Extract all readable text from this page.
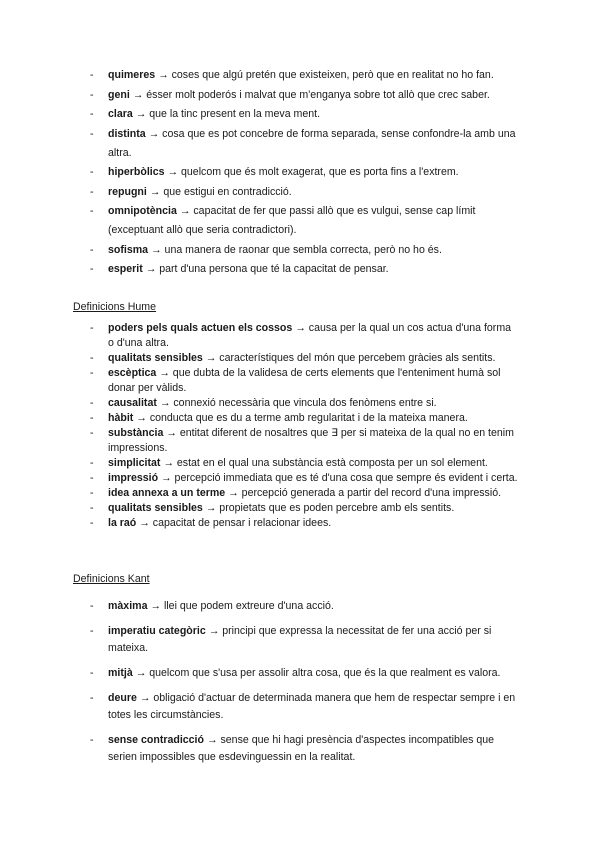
- quimeres → coses que algú pretén que existeixen, però que en realitat no ho fan.
- geni → ésser molt poderós i malvat que m'enganya sobre tot allò que crec saber.
- clara → que la tinc present en la meva ment.
- distinta → cosa que es pot concebre de forma separada, sense confondre-la amb una altra.
- hiperbòlics → quelcom que és molt exagerat, que es porta fins a l'extrem.
- repugni → que estigui en contradicció.
- omnipotència → capacitat de fer que passi allò que es vulgui, sense cap límit (exceptuant allò que seria contradictori).
- sofisma → una manera de raonar que sembla correcta, però no ho és.
- esperit → part d'una persona que té la capacitat de pensar.
Definicions Hume
- poders pels quals actuen els cossos → causa per la qual un cos actua d'una forma o d'una altra.
- qualitats sensibles → característiques del món que percebem gràcies als sentits.
- escèptica → que dubta de la validesa de certs elements que l'enteniment humà sol donar per vàlids.
- causalitat → connexió necessària que vincula dos fenòmens entre si.
- hàbit → conducta que es du a terme amb regularitat i de la mateixa manera.
- substància → entitat diferent de nosaltres que ∃ per si mateixa de la qual no en tenim impressions.
- simplicitat → estat en el qual una substància està composta per un sol element.
- impressió → percepció immediata que es té d'una cosa que sempre és evident i certa.
- idea annexa a un terme → percepció generada a partir del record d'una impressió.
- qualitats sensibles → propietats que es poden percebre amb els sentits.
- la raó → capacitat de pensar i relacionar idees.
Definicions Kant
- màxima → llei que podem extreure d'una acció.
- imperatiu categòric → principi que expressa la necessitat de fer una acció per si mateixa.
- mitjà → quelcom que s'usa per assolir altra cosa, que és la que realment es valora.
- deure → obligació d'actuar de determinada manera que hem de respectar sempre i en totes les circumstàncies.
- sense contradicció → sense que hi hagi presència d'aspectes incompatibles que serien impossibles que esdevinguessin en la realitat.
